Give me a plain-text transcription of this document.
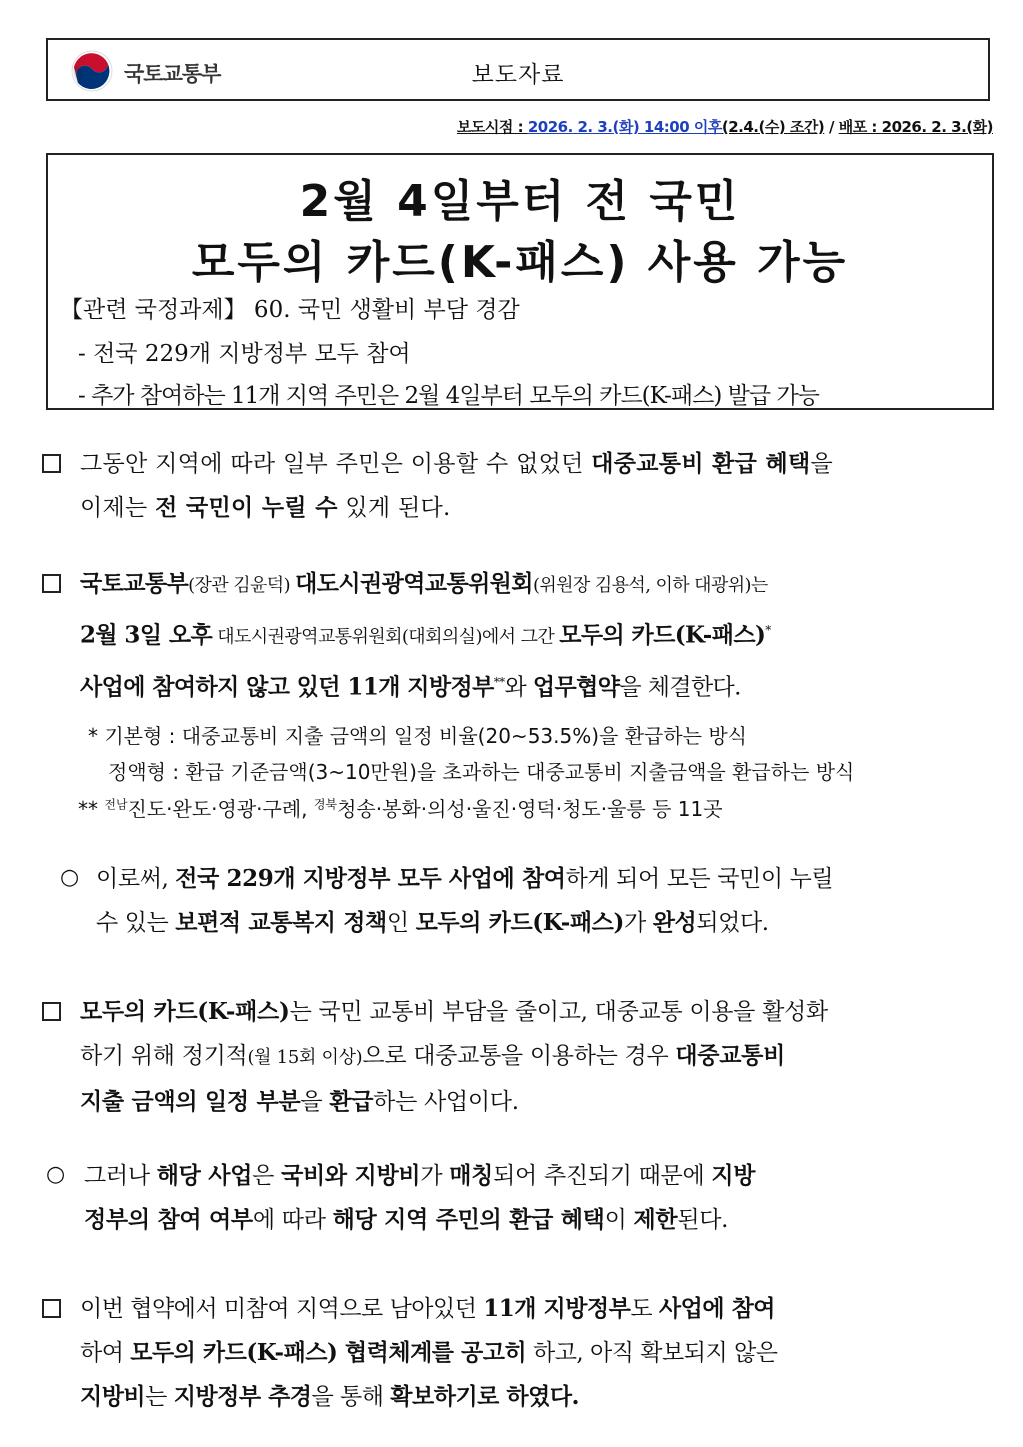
국토교통부	보도자료
보도시점 : 2026. 2. 3.(화) 14:00 이후(2.4.(수) 조간) / 배포 : 2026. 2. 3.(화)
2월 4일부터 전 국민
모두의 카드(K-패스) 사용 가능
【관련 국정과제】 60. 국민 생활비 부담 경감
- 전국 229개 지방정부 모두 참여
- 추가 참여하는 11개 지역 주민은 2월 4일부터 모두의 카드(K-패스) 발급 가능
그동안 지역에 따라 일부 주민은 이용할 수 없었던 대중교통비 환급 혜택을
이제는 전 국민이 누릴 수 있게 된다.
국토교통부(장관 김윤덕) 대도시권광역교통위원회(위원장 김용석, 이하 대광위)는
2월 3일 오후 대도시권광역교통위원회(대회의실)에서 그간 모두의 카드(K-패스)*
사업에 참여하지 않고 있던 11개 지방정부**와 업무협약을 체결한다.
* 기본형 : 대중교통비 지출 금액의 일정 비율(20~53.5%)을 환급하는 방식
정액형 : 환급 기준금액(3~10만원)을 초과하는 대중교통비 지출금액을 환급하는 방식
** $^{전남}$진도·완도·영광·구례, $^{경북}$청송·봉화·의성·울진·영덕·청도·울릉 등 11곳
○ 이로써, 전국 229개 지방정부 모두 사업에 참여하게 되어 모든 국민이 누릴
수 있는 보편적 교통복지 정책인 모두의 카드(K-패스)가 완성되었다.
모두의 카드(K-패스)는 국민 교통비 부담을 줄이고, 대중교통 이용을 활성화
하기 위해 정기적(월 15회 이상)으로 대중교통을 이용하는 경우 대중교통비
지출 금액의 일정 부분을 환급하는 사업이다.
○ 그러나 해당 사업은 국비와 지방비가 매칭되어 추진되기 때문에 지방
정부의 참여 여부에 따라 해당 지역 주민의 환급 혜택이 제한된다.
이번 협약에서 미참여 지역으로 남아있던 11개 지방정부도 사업에 참여
하여 모두의 카드(K-패스) 협력체계를 공고히 하고, 아직 확보되지 않은
지방비는 지방정부 추경을 통해 확보하기로 하였다.
